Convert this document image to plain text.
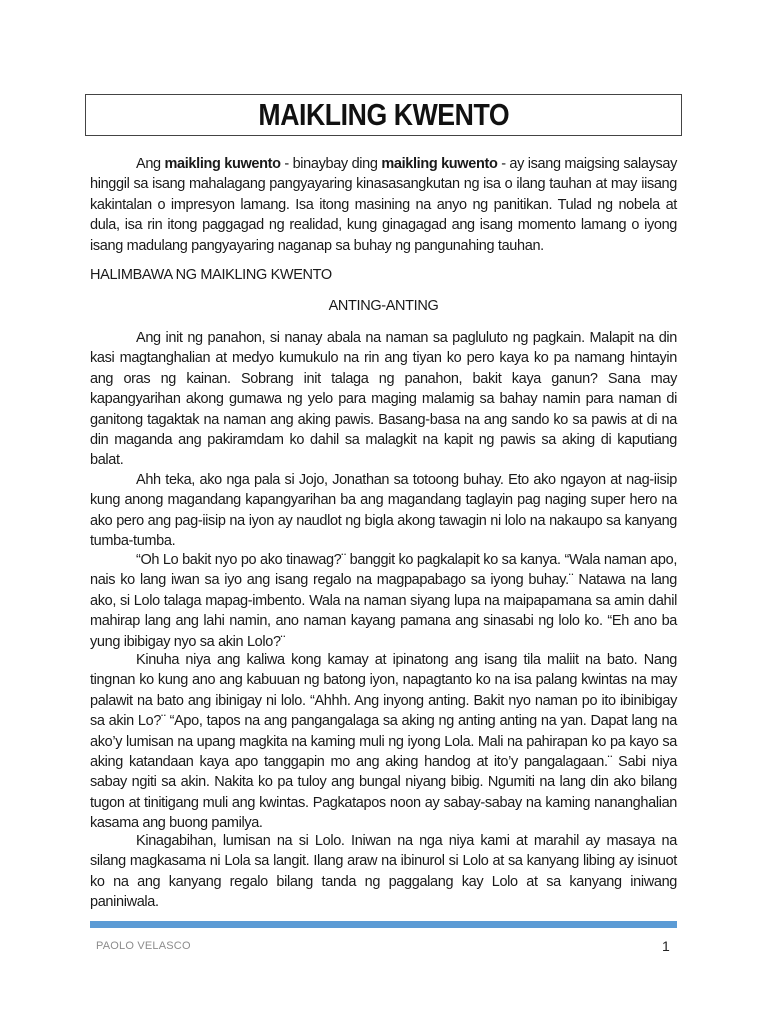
MAIKLING KWENTO

Ang maikling kuwento - binaybay ding maikling kuwento - ay isang maigsing salaysay hinggil sa isang mahalagang pangyayaring kinasasangkutan ng isa o ilang tauhan at may iisang kakintalan o impresyon lamang. Isa itong masining na anyo ng panitikan. Tulad ng nobela at dula, isa rin itong paggagad ng realidad, kung ginagagad ang isang momento lamang o iyong isang madulang pangyayaring naganap sa buhay ng pangunahing tauhan.

HALIMBAWA NG MAIKLING KWENTO
ANTING-ANTING

Ang init ng panahon, si nanay abala na naman sa pagluluto ng pagkain. Malapit na din kasi magtanghalian at medyo kumukulo na rin ang tiyan ko pero kaya ko pa namang hintayin ang oras ng kainan. Sobrang init talaga ng panahon, bakit kaya ganun? Sana may kapangyarihan akong gumawa ng yelo para maging malamig sa bahay namin para naman di ganitong tagaktak na naman ang aking pawis. Basang-basa na ang sando ko sa pawis at di na din maganda ang pakiramdam ko dahil sa malagkit na kapit ng pawis sa aking di kaputiang balat.

Ahh teka, ako nga pala si Jojo, Jonathan sa totoong buhay. Eto ako ngayon at nag-iisip kung anong magandang kapangyarihan ba ang magandang taglayin pag naging super hero na ako pero ang pag-iisip na iyon ay naudlot ng bigla akong tawagin ni lolo na nakaupo sa kanyang tumba-tumba.

“Oh Lo bakit nyo po ako tinawag?¨ banggit ko pagkalapit ko sa kanya. “Wala naman apo, nais ko lang iwan sa iyo ang isang regalo na magpapabago sa iyong buhay.¨ Natawa na lang ako, si Lolo talaga mapag-imbento. Wala na naman siyang lupa na maipapamana sa amin dahil mahirap lang ang lahi namin, ano naman kayang pamana ang sinasabi ng lolo ko. “Eh ano ba yung ibibigay nyo sa akin Lolo?¨

Kinuha niya ang kaliwa kong kamay at ipinatong ang isang tila maliit na bato. Nang tingnan ko kung ano ang kabuuan ng batong iyon, napagtanto ko na isa palang kwintas na may palawit na bato ang ibinigay ni lolo. “Ahhh. Ang inyong anting. Bakit nyo naman po ito ibinibigay sa akin Lo?¨ “Apo, tapos na ang pangangalaga sa aking ng anting anting na yan. Dapat lang na ako’y lumisan na upang magkita na kaming muli ng iyong Lola. Mali na pahirapan ko pa kayo sa aking katandaan kaya apo tanggapin mo ang aking handog at ito’y pangalagaan.¨ Sabi niya sabay ngiti sa akin. Nakita ko pa tuloy ang bungal niyang bibig. Ngumiti na lang din ako bilang tugon at tinitigang muli ang kwintas. Pagkatapos noon ay sabay-sabay na kaming nananghalian kasama ang buong pamilya.

Kinagabihan, lumisan na si Lolo. Iniwan na nga niya kami at marahil ay masaya na silang magkasama ni Lola sa langit. Ilang araw na ibinurol si Lolo at sa kanyang libing ay isinuot ko na ang kanyang regalo bilang tanda ng paggalang kay Lolo at sa kanyang iniwang paniniwala.

PAOLO VELASCO	1
